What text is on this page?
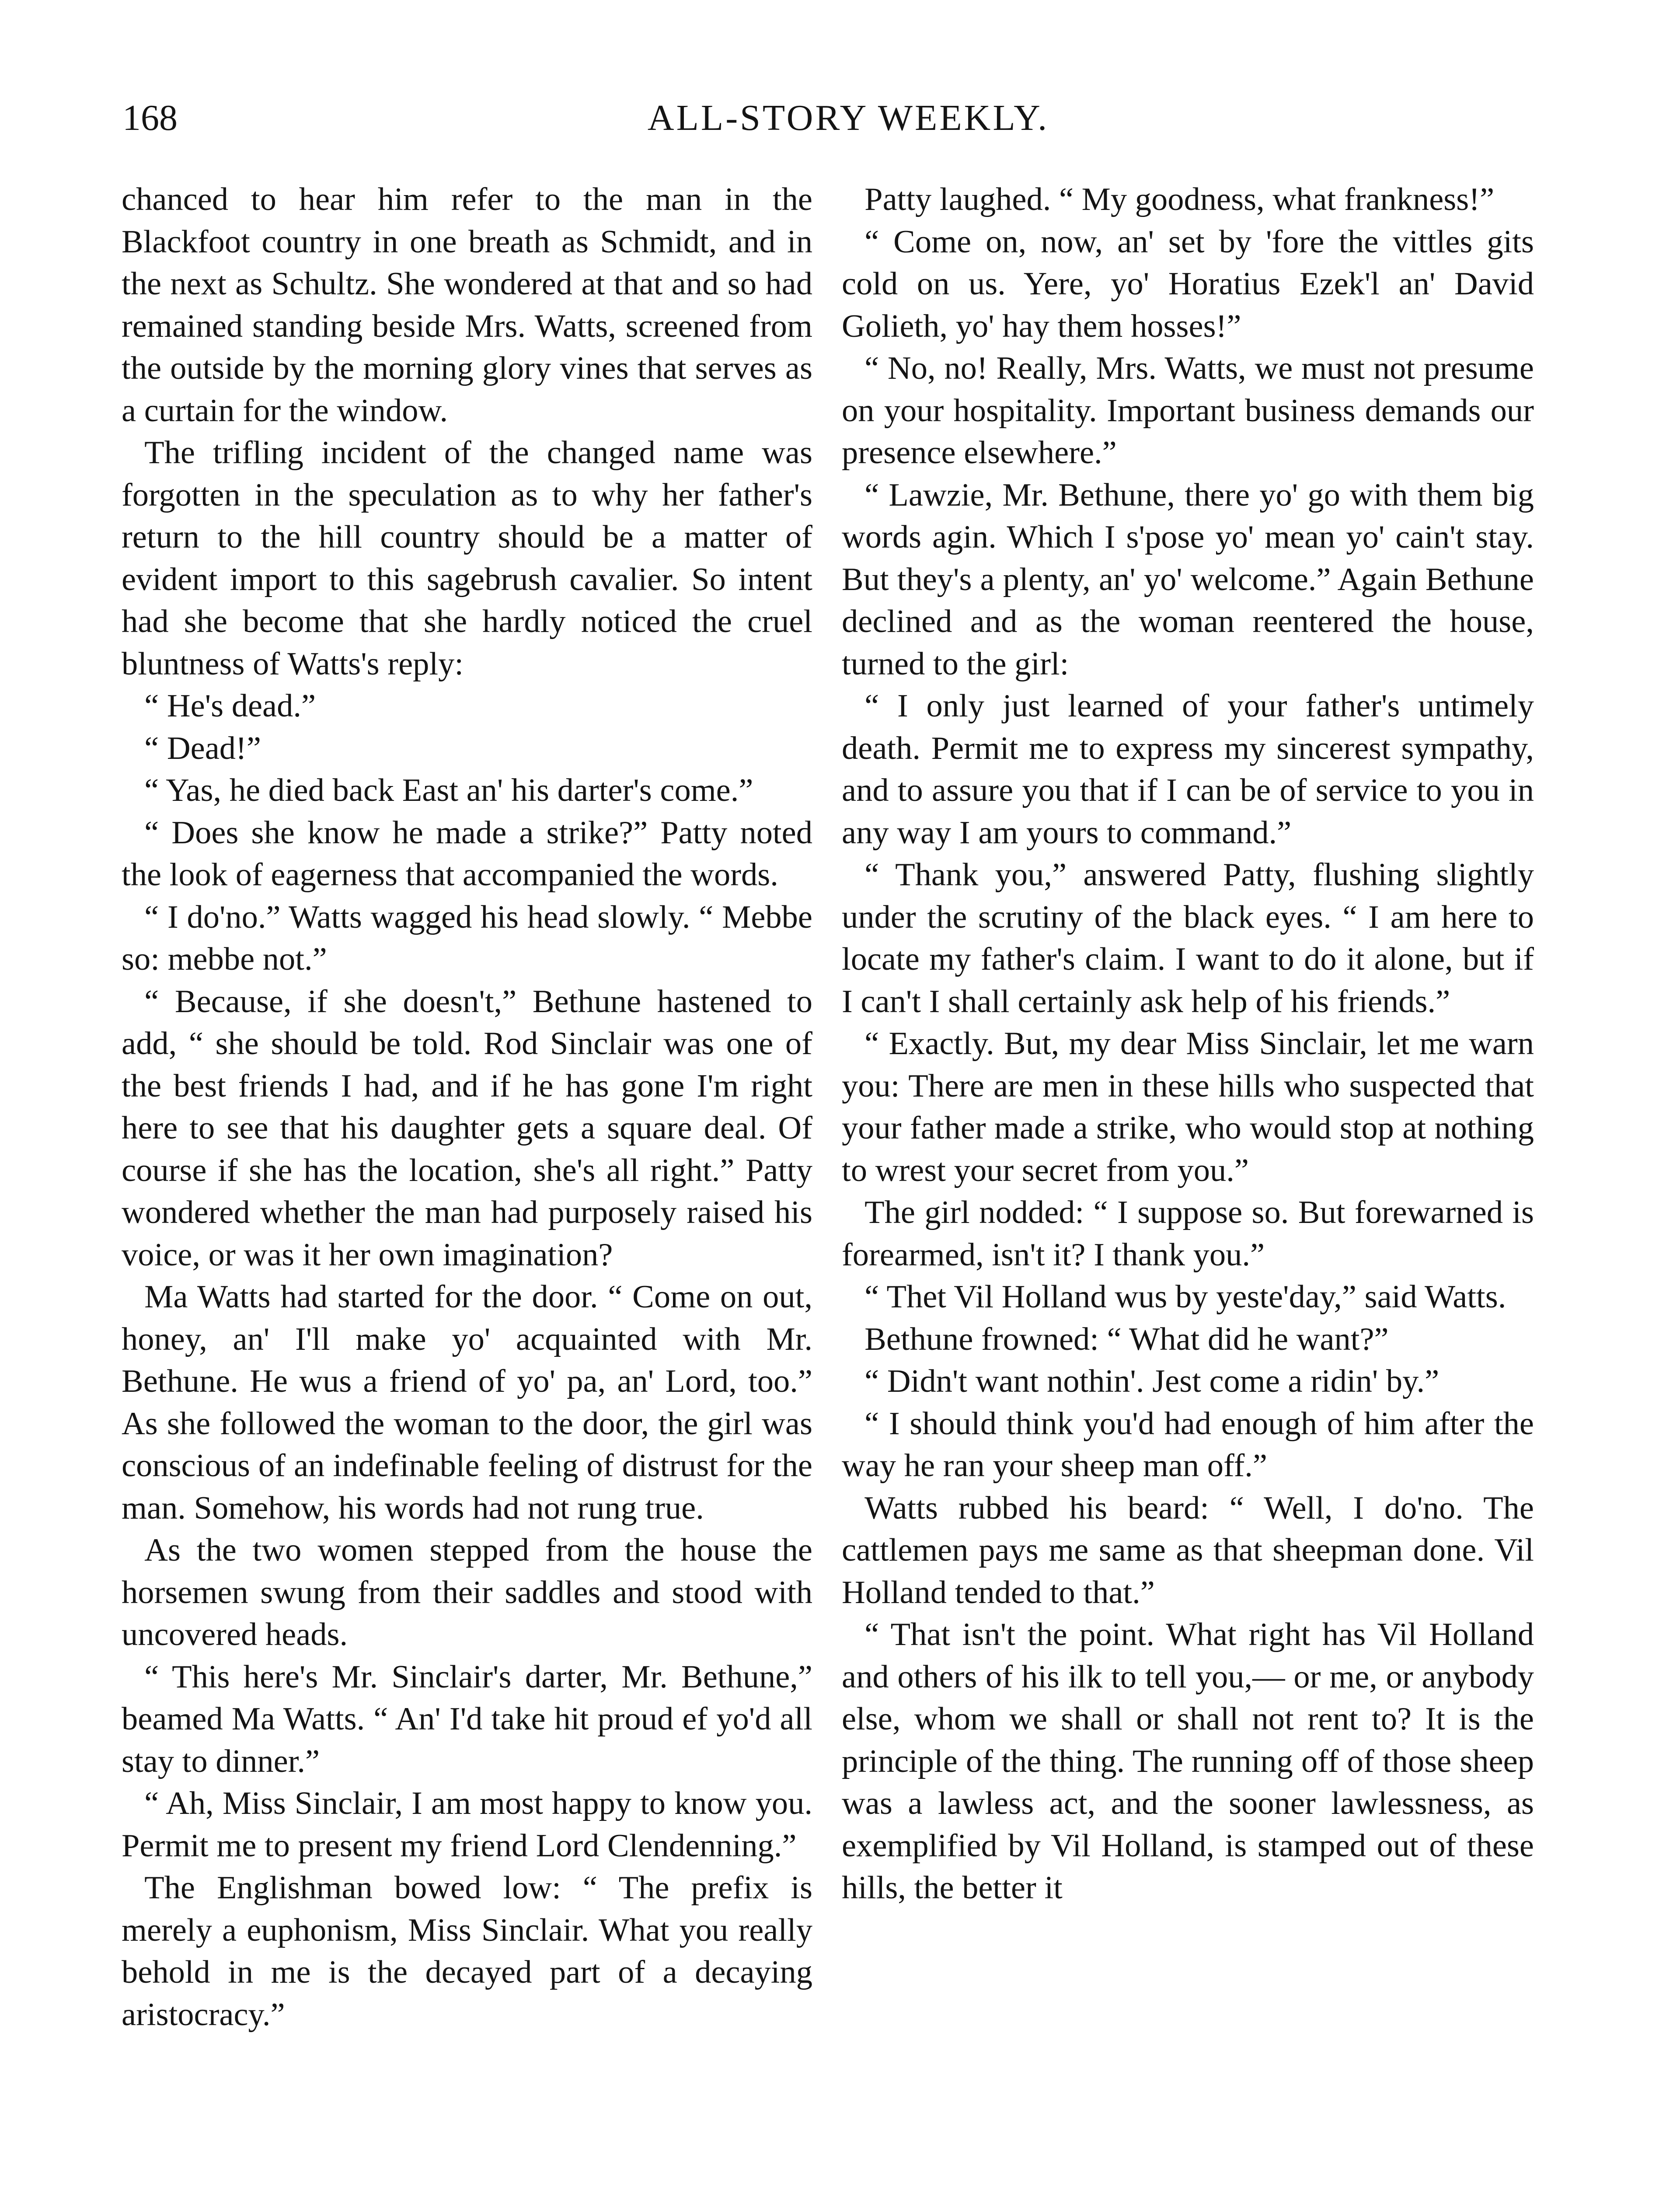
168	ALL-STORY WEEKLY.

chanced to hear him refer to the man in the Blackfoot country in one breath as Schmidt, and in the next as Schultz. She wondered at that and so had remained standing beside Mrs. Watts, screened from the outside by the morning glory vines that serves as a curtain for the window.

The trifling incident of the changed name was forgotten in the speculation as to why her father's return to the hill country should be a matter of evident import to this sagebrush cavalier. So intent had she become that she hardly noticed the cruel bluntness of Watts's reply:

“ He's dead.”

“ Dead!”

“ Yas, he died back East an' his darter's come.”

“ Does she know he made a strike?” Patty noted the look of eagerness that accompanied the words.

“ I do'no.” Watts wagged his head slowly. “ Mebbe so: mebbe not.”

“ Because, if she doesn't,” Bethune hastened to add, “ she should be told. Rod Sinclair was one of the best friends I had, and if he has gone I'm right here to see that his daughter gets a square deal. Of course if she has the location, she's all right.” Patty wondered whether the man had purposely raised his voice, or was it her own imagination?

Ma Watts had started for the door. “ Come on out, honey, an' I'll make yo' acquainted with Mr. Bethune. He wus a friend of yo' pa, an' Lord, too.” As she followed the woman to the door, the girl was conscious of an indefinable feeling of distrust for the man. Somehow, his words had not rung true.

As the two women stepped from the house the horsemen swung from their saddles and stood with uncovered heads.

“ This here's Mr. Sinclair's darter, Mr. Bethune,” beamed Ma Watts. “ An' I'd take hit proud ef yo'd all stay to dinner.”

“ Ah, Miss Sinclair, I am most happy to know you. Permit me to present my friend Lord Clendenning.”

The Englishman bowed low: “ The prefix is merely a euphonism, Miss Sinclair. What you really behold in me is the decayed part of a decaying aristocracy.”

Patty laughed. “ My goodness, what frankness!”

“ Come on, now, an' set by 'fore the vittles gits cold on us. Yere, yo' Horatius Ezek'l an' David Golieth, yo' hay them hosses!”

“ No, no! Really, Mrs. Watts, we must not presume on your hospitality. Important business demands our presence elsewhere.”

“ Lawzie, Mr. Bethune, there yo' go with them big words agin. Which I s'pose yo' mean yo' cain't stay. But they's a plenty, an' yo' welcome.” Again Bethune declined and as the woman reentered the house, turned to the girl:

“ I only just learned of your father's untimely death. Permit me to express my sincerest sympathy, and to assure you that if I can be of service to you in any way I am yours to command.”

“ Thank you,” answered Patty, flushing slightly under the scrutiny of the black eyes. “ I am here to locate my father's claim. I want to do it alone, but if I can't I shall certainly ask help of his friends.”

“ Exactly. But, my dear Miss Sinclair, let me warn you: There are men in these hills who suspected that your father made a strike, who would stop at nothing to wrest your secret from you.”

The girl nodded: “ I suppose so. But forewarned is forearmed, isn't it? I thank you.”

“ Thet Vil Holland wus by yeste'day,” said Watts.

Bethune frowned: “ What did he want?”

“ Didn't want nothin'. Jest come a ridin' by.”

“ I should think you'd had enough of him after the way he ran your sheep man off.”

Watts rubbed his beard: “ Well, I do'no. The cattlemen pays me same as that sheepman done. Vil Holland tended to that.”

“ That isn't the point. What right has Vil Holland and others of his ilk to tell you,— or me, or anybody else, whom we shall or shall not rent to? It is the principle of the thing. The running off of those sheep was a lawless act, and the sooner lawlessness, as exemplified by Vil Holland, is stamped out of these hills, the better it
